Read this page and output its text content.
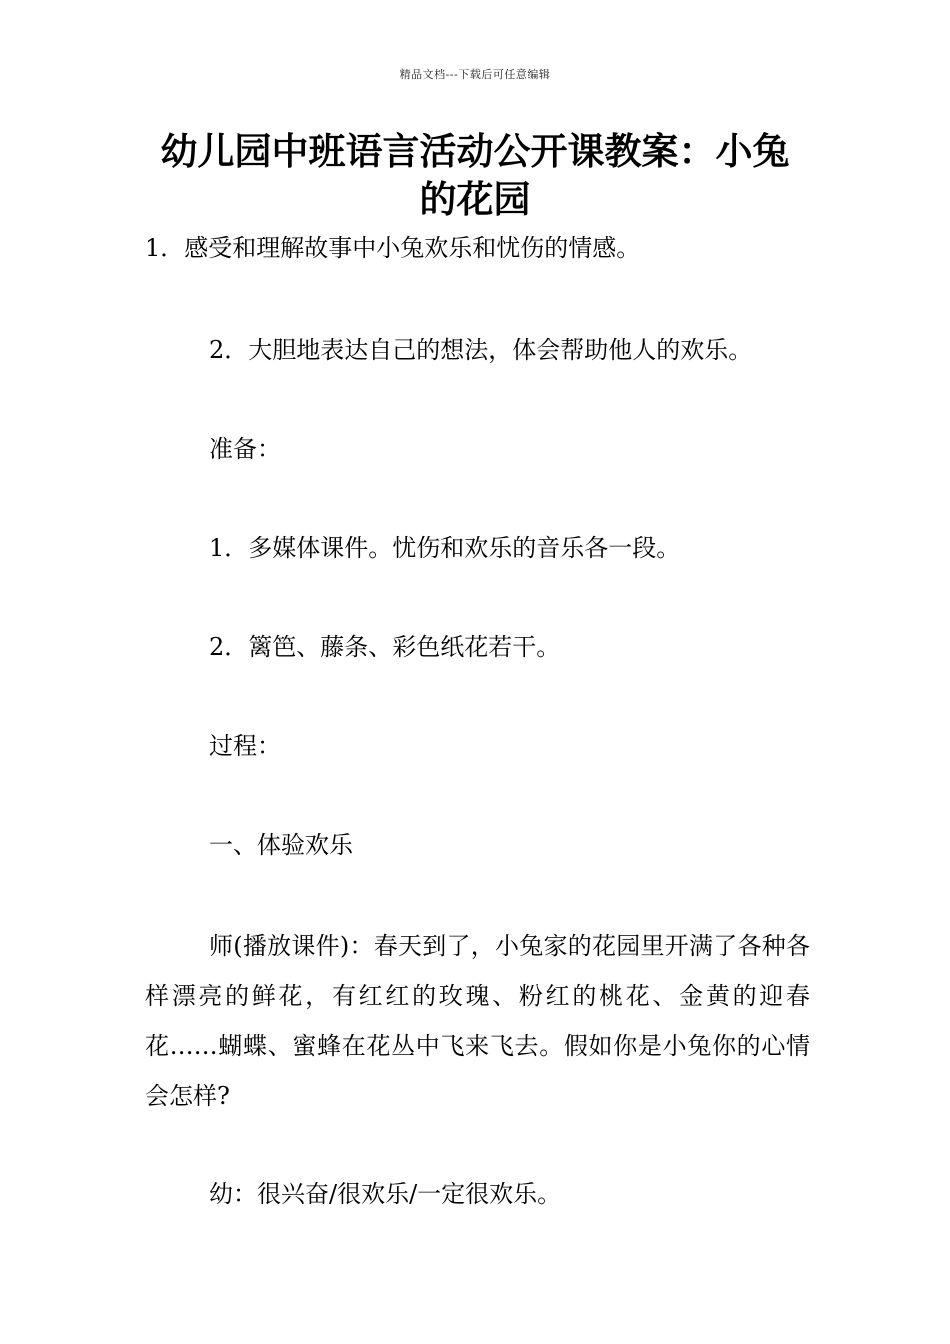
精品文档---下载后可任意编辑
幼儿园中班语言活动公开课教案：小兔的花园
1．感受和理解故事中小兔欢乐和忧伤的情感。
2．大胆地表达自己的想法，体会帮助他人的欢乐。
准备：
1．多媒体课件。忧伤和欢乐的音乐各一段。
2．篱笆、藤条、彩色纸花若干。
过程：
一、体验欢乐
师(播放课件)：春天到了，小兔家的花园里开满了各种各样漂亮的鲜花，有红红的玫瑰、粉红的桃花、金黄的迎春花……蝴蝶、蜜蜂在花丛中飞来飞去。假如你是小兔你的心情会怎样?
幼：很兴奋/很欢乐/一定很欢乐。
